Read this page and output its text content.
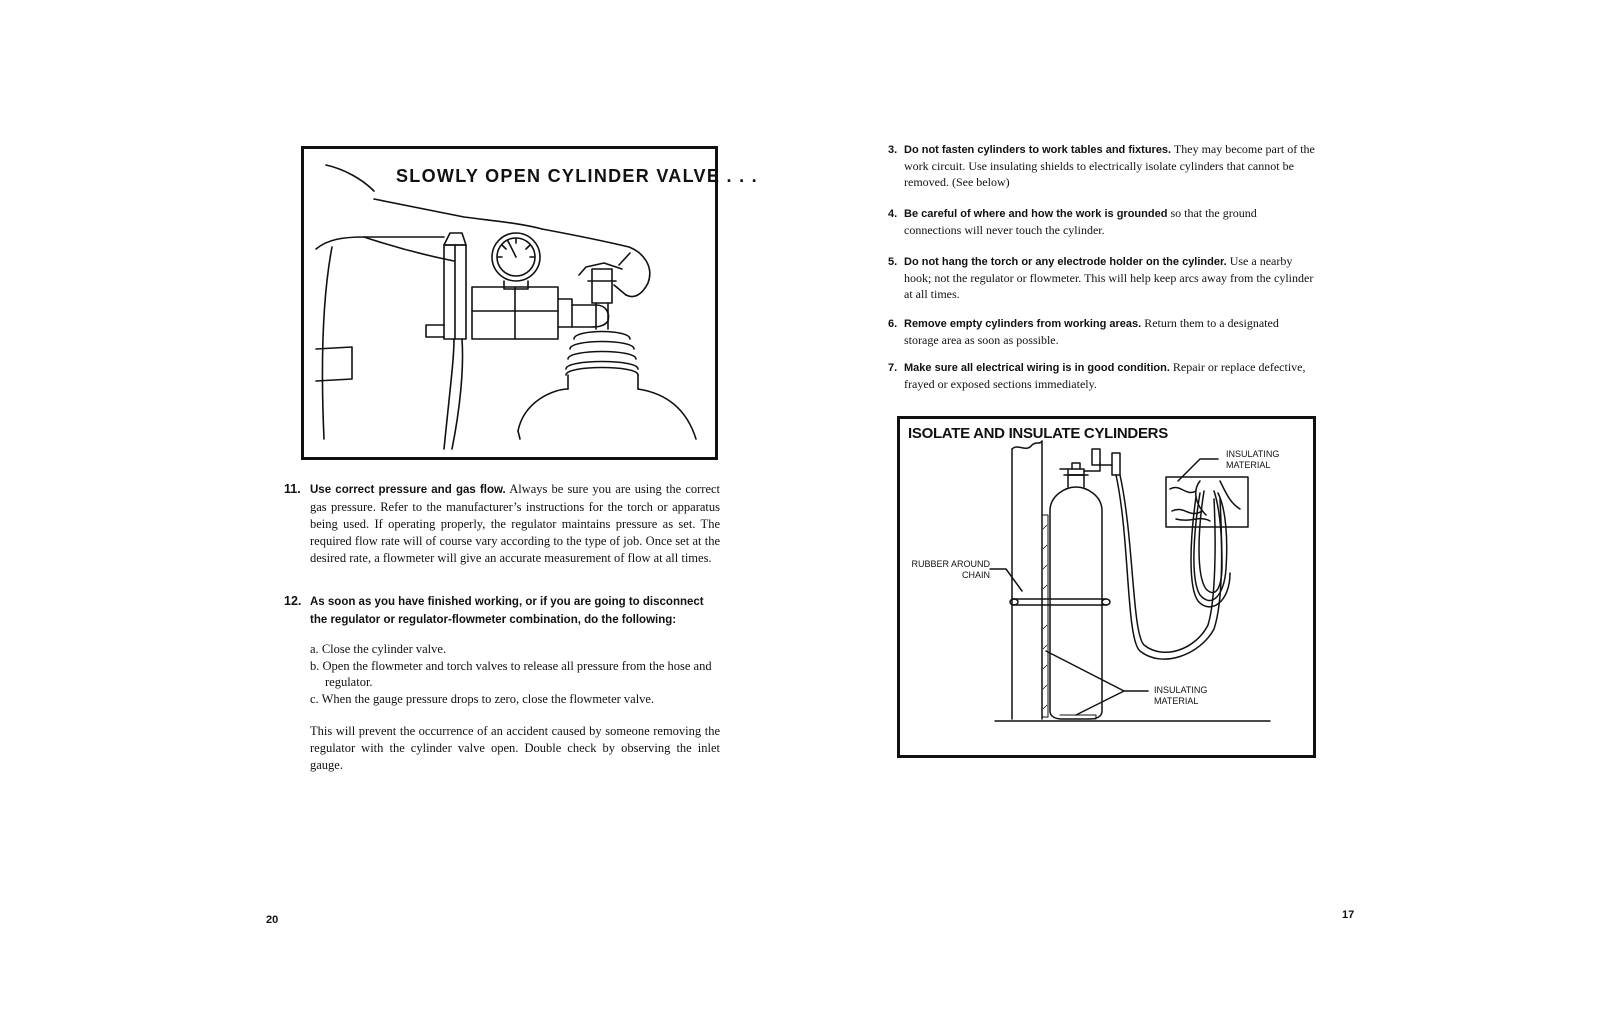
SLOWLY OPEN CYLINDER VALVE . . .
11. Use correct pressure and gas flow. Always be sure you are using the correct gas pressure. Refer to the manufacturer’s instructions for the torch or apparatus being used. If operating properly, the regulator maintains pressure as set. The required flow rate will of course vary according to the type of job. Once set at the desired rate, a flowmeter will give an accurate measurement of flow at all times.
12. As soon as you have finished working, or if you are going to disconnect the regulator or regulator-flowmeter combination, do the following:
a. Close the cylinder valve.
b. Open the flowmeter and torch valves to release all pressure from the hose and regulator.
c. When the gauge pressure drops to zero, close the flowmeter valve.
This will prevent the occurrence of an accident caused by someone removing the regulator with the cylinder valve open. Double check by observing the inlet gauge.
20
3. Do not fasten cylinders to work tables and fixtures. They may become part of the work circuit. Use insulating shields to electrically isolate cylinders that cannot be removed. (See below)
4. Be careful of where and how the work is grounded so that the ground connections will never touch the cylinder.
5. Do not hang the torch or any electrode holder on the cylinder. Use a nearby hook; not the regulator or flowmeter. This will help keep arcs away from the cylinder at all times.
6. Remove empty cylinders from working areas. Return them to a designated storage area as soon as possible.
7. Make sure all electrical wiring is in good condition. Repair or replace defective, frayed or exposed sections immediately.
ISOLATE AND INSULATE CYLINDERS
INSULATING MATERIAL
RUBBER AROUND CHAIN
INSULATING MATERIAL
17
